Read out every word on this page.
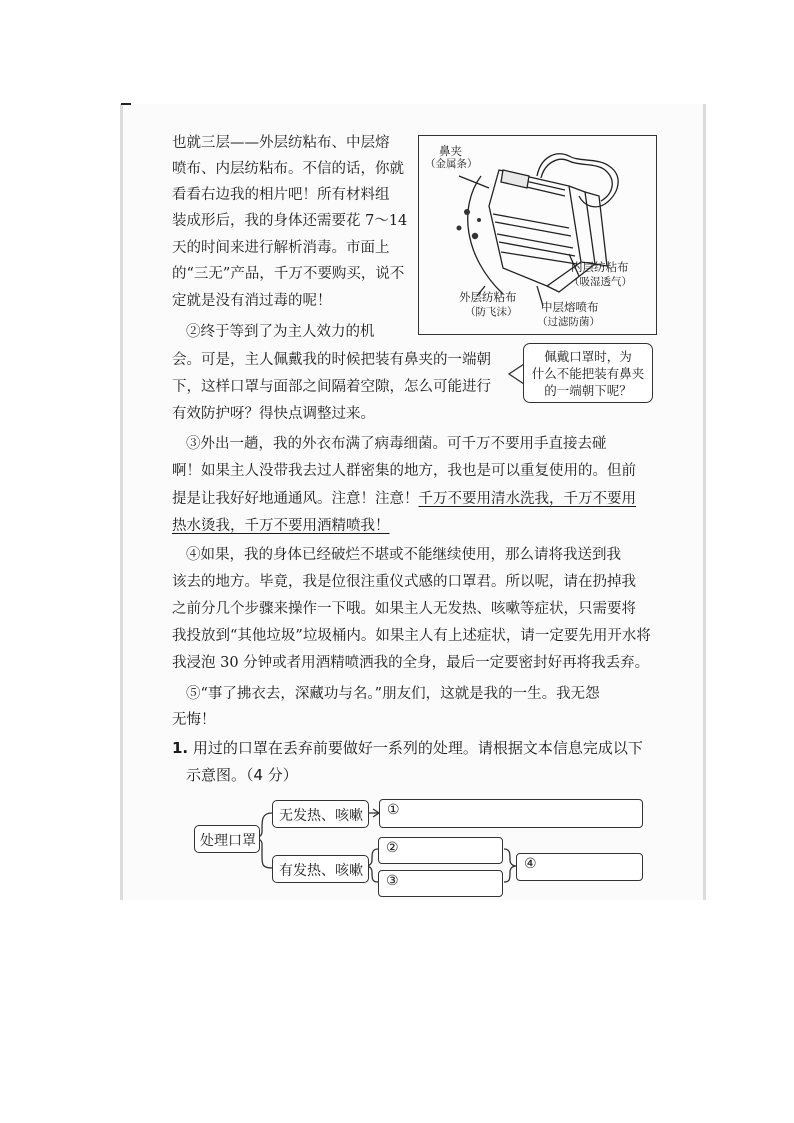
也就三层——外层纺粘布、中层熔
喷布、内层纺粘布。不信的话，你就
看看右边我的相片吧！所有材料组
装成形后，我的身体还需要花 7～14
天的时间来进行解析消毒。市面上
的“三无”产品，千万不要购买，说不
定就是没有消过毒的呢！
②终于等到了为主人效力的机
会。可是，主人佩戴我的时候把装有鼻夹的一端朝
下，这样口罩与面部之间隔着空隙，怎么可能进行
有效防护呀？得快点调整过来。
③外出一趟，我的外衣布满了病毒细菌。可千万不要用手直接去碰
啊！如果主人没带我去过人群密集的地方，我也是可以重复使用的。但前
提是让我好好地通通风。注意！注意！千万不要用清水洗我，千万不要用
热水烫我，千万不要用酒精喷我！
④如果，我的身体已经破烂不堪或不能继续使用，那么请将我送到我
该去的地方。毕竟，我是位很注重仪式感的口罩君。所以呢，请在扔掉我
之前分几个步骤来操作一下哦。如果主人无发热、咳嗽等症状，只需要将
我投放到“其他垃圾”垃圾桶内。如果主人有上述症状，请一定要先用开水将
我浸泡 30 分钟或者用酒精喷洒我的全身，最后一定要密封好再将我丢弃。
⑤“事了拂衣去，深藏功与名。”朋友们，这就是我的一生。我无怨
无悔！
鼻夹
（金属条）
内层纺粘布
（吸湿透气）
外层纺粘布
（防飞沫） 中层熔喷布
（过滤防菌）
佩戴口罩时，为
什么不能把装有鼻夹
的一端朝下呢？
1. 用过的口罩在丢弃前要做好一系列的处理。请根据文本信息完成以下
示意图。（4 分）
处理口罩
无发热、咳嗽
有发热、咳嗽
①
②
③
④
